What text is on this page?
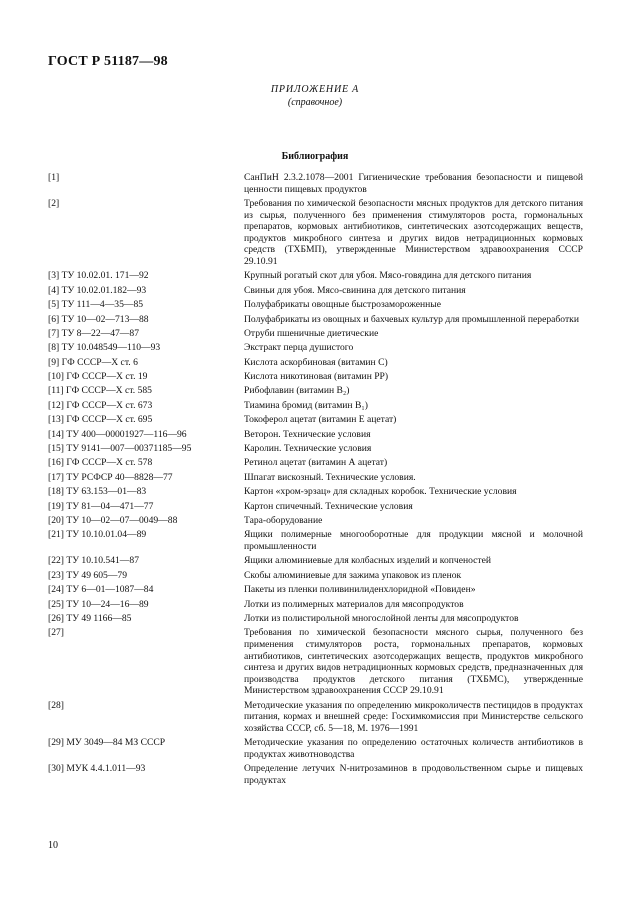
ГОСТ Р 51187—98
ПРИЛОЖЕНИЕ А
(справочное)
Библиография
[1]	СанПиН 2.3.2.1078—2001 Гигиенические требования безопасности и пищевой ценности пищевых продуктов
[2]	Требования по химической безопасности мясных продуктов для детского питания из сырья, полученного без применения стимуляторов роста, гормональных препаратов, кормовых антибиотиков, синтетических азотсодержащих веществ, продуктов микробного синтеза и других видов нетрадиционных кормовых средств (ТХБМП), утвержденные Министерством здравоохранения СССР 29.10.91
[3] ТУ 10.02.01. 171—92	Крупный рогатый скот для убоя. Мясо-говядина для детского питания
[4] ТУ 10.02.01.182—93	Свиньи для убоя. Мясо-свинина для детского питания
[5] ТУ 111—4—35—85	Полуфабрикаты овощные быстрозамороженные
[6] ТУ 10—02—713—88	Полуфабрикаты из овощных и бахчевых культур для промышленной переработки
[7] ТУ 8—22—47—87	Отруби пшеничные диетические
[8] ТУ 10.048549—110—93	Экстракт перца душистого
[9] ГФ СССР—X ст. 6	Кислота аскорбиновая (витамин С)
[10] ГФ СССР—X ст. 19	Кислота никотиновая (витамин РР)
[11] ГФ СССР—X ст. 585	Рибофлавин (витамин B₂)
[12] ГФ СССР—X ст. 673	Тиамина бромид (витамин B₁)
[13] ГФ СССР—X ст. 695	Токоферол ацетат (витамин Е ацетат)
[14] ТУ 400—00001927—116—96	Веторон. Технические условия
[15] ТУ 9141—007—00371185—95	Каролин. Технические условия
[16] ГФ СССР—X ст. 578	Ретинол ацетат (витамин А ацетат)
[17] ТУ РСФСР 40—8828—77	Шпагат вискозный. Технические условия.
[18] ТУ 63.153—01—83	Картон «хром-эрзац» для складных коробок. Технические условия
[19] ТУ 81—04—471—77	Картон спичечный. Технические условия
[20] ТУ 10—02—07—0049—88	Тара-оборудование
[21] ТУ 10.10.01.04—89	Ящики полимерные многооборотные для продукции мясной и молочной промышленности
[22] ТУ 10.10.541—87	Ящики алюминиевые для колбасных изделий и копченостей
[23] ТУ 49 605—79	Скобы алюминиевые для зажима упаковок из пленок
[24] ТУ 6—01—1087—84	Пакеты из пленки поливинилиденхлоридной «Повиден»
[25] ТУ 10—24—16—89	Лотки из полимерных материалов для мясопродуктов
[26] ТУ 49 1166—85	Лотки из полистирольной многослойной ленты для мясопродуктов
[27]	Требования по химической безопасности мясного сырья, полученного без применения стимуляторов роста, гормональных препаратов, кормовых антибиотиков, синтетических азотсодержащих веществ, продуктов микробного синтеза и других видов нетрадиционных кормовых средств, предназначенных для производства продуктов детского питания (ТХБМС), утвержденные Министерством здравоохранения СССР 29.10.91
[28]	Методические указания по определению микроколичеств пестицидов в продуктах питания, кормах и внешней среде: Госхимкомиссия при Министерстве сельского хозяйства СССР, сб. 5—18, М. 1976—1991
[29] МУ 3049—84 МЗ СССР	Методические указания по определению остаточных количеств антибиотиков в продуктах животноводства
[30] МУК 4.4.1.011—93	Определение летучих N-нитрозаминов в продовольственном сырье и пищевых продуктах
10
